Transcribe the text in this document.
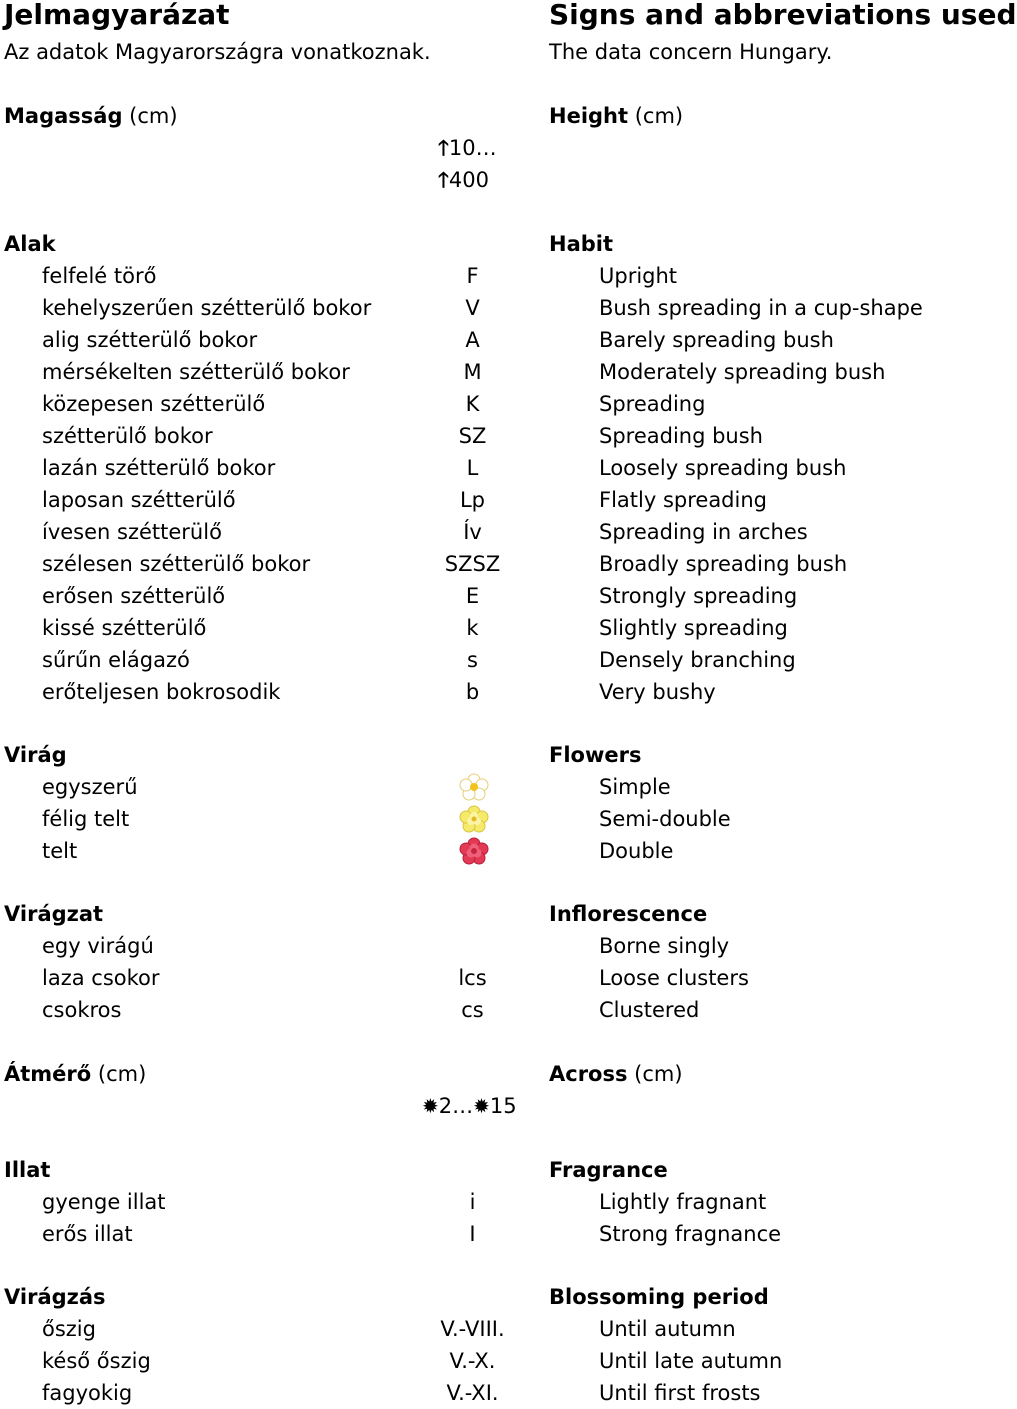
Jelmagyarázat	Signs and abbreviations used
Az adatok Magyarországra vonatkoznak.	The data concern Hungary.
Magasság (cm)	Height (cm)
🡑10…
🡑400
Alak	Habit
felfelé törő	F	Upright
kehelyszerűen szétterülő bokor	V	Bush spreading in a cup-shape
alig szétterülő bokor	A	Barely spreading bush
mérsékelten szétterülő bokor	M	Moderately spreading bush
közepesen szétterülő	K	Spreading
szétterülő bokor	SZ	Spreading bush
lazán szétterülő bokor	L	Loosely spreading bush
laposan szétterülő	Lp	Flatly spreading
ívesen szétterülő	Ív	Spreading in arches
szélesen szétterülő bokor	SZSZ	Broadly spreading bush
erősen szétterülő	E	Strongly spreading
kissé szétterülő	k	Slightly spreading
sűrűn elágazó	s	Densely branching
erőteljesen bokrosodik	b	Very bushy
Virág	Flowers
egyszerű	Simple
félig telt	Semi-double
telt	Double
Virágzat	Inflorescence
egy virágú	Borne singly
laza csokor	lcs	Loose clusters
csokros	cs	Clustered
Átmérő (cm)	Across (cm)
✹2…✹15
Illat	Fragrance
gyenge illat	i	Lightly fragnant
erős illat	I	Strong fragnance
Virágzás	Blossoming period
őszig	V.-VIII.	Until autumn
késő őszig	V.-X.	Until late autumn
fagyokig	V.-XI.	Until first frosts
